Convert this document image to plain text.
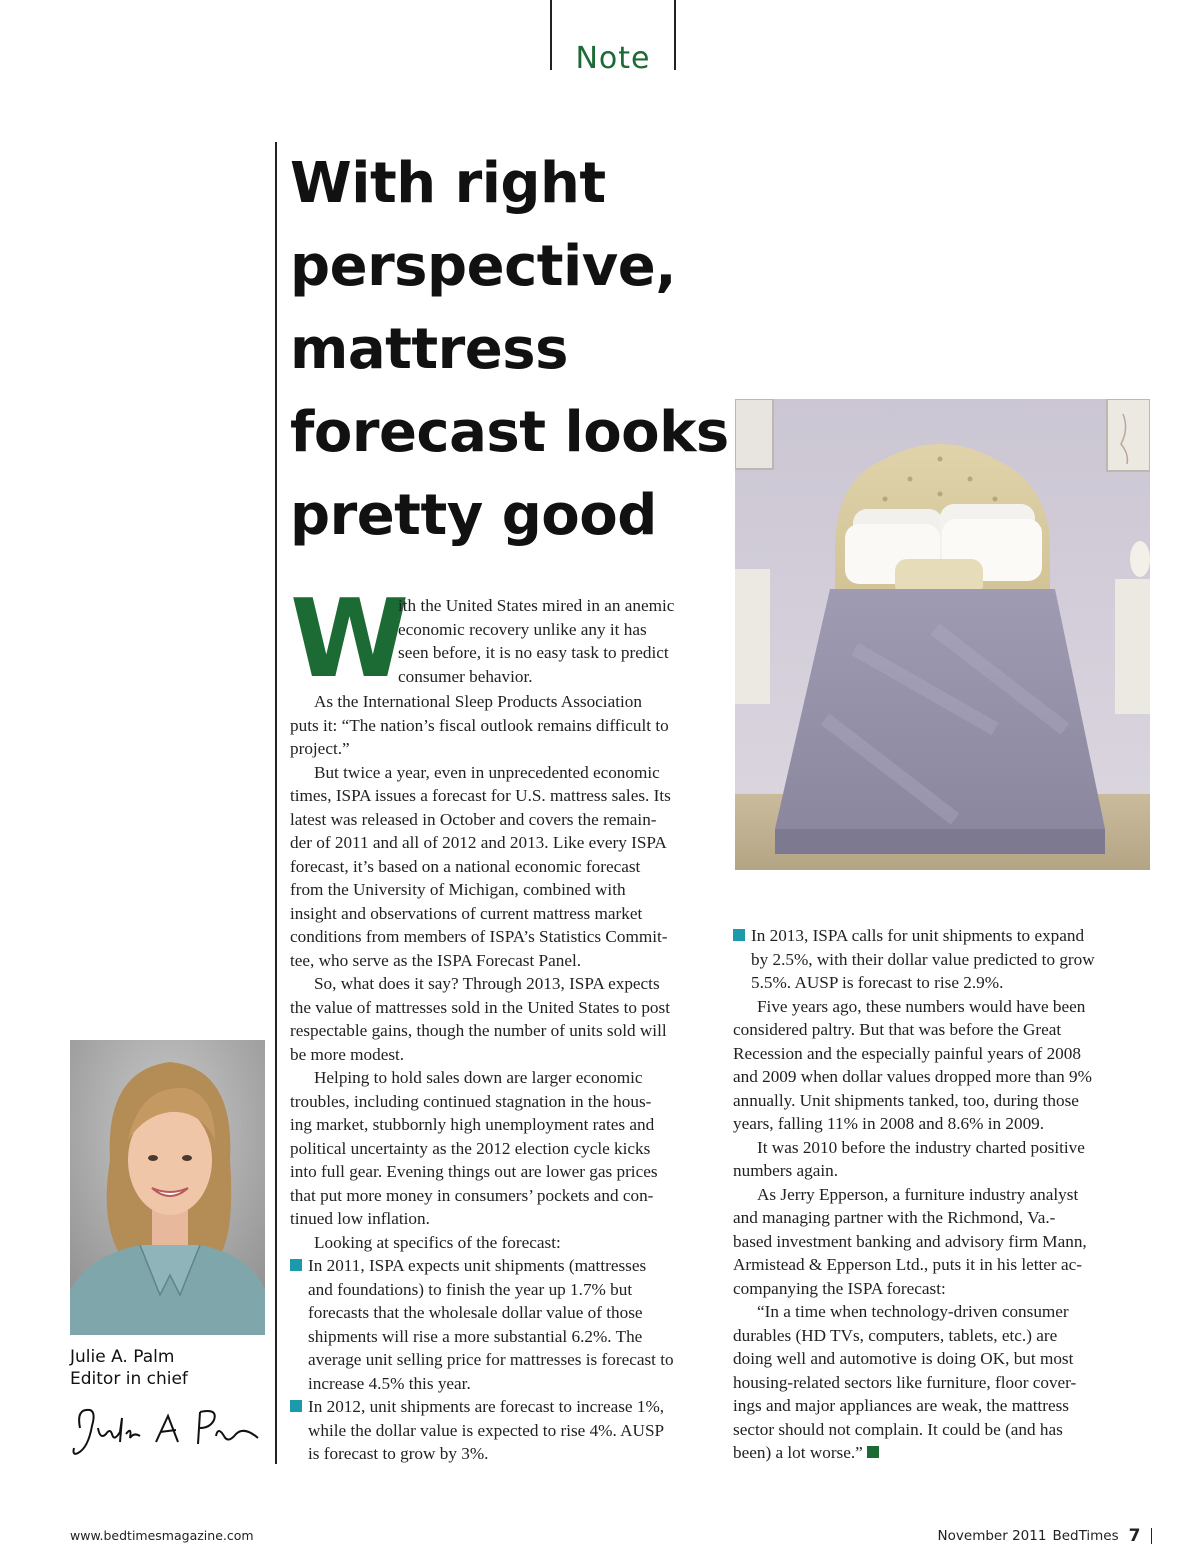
Note
With right
perspective,
mattress
forecast looks
pretty good
W
ith the United States mired in an anemic
economic recovery unlike any it has
seen before, it is no easy task to predict
consumer behavior.
As the International Sleep Products Association
puts it: “The nation’s fiscal outlook remains difficult to
project.”
But twice a year, even in unprecedented economic
times, ISPA issues a forecast for U.S. mattress sales. Its
latest was released in October and covers the remain-
der of 2011 and all of 2012 and 2013. Like every ISPA
forecast, it’s based on a national economic forecast
from the University of Michigan, combined with
insight and observations of current mattress market
conditions from members of ISPA’s Statistics Commit-
tee, who serve as the ISPA Forecast Panel.
So, what does it say? Through 2013, ISPA expects
the value of mattresses sold in the United States to post
respectable gains, though the number of units sold will
be more modest.
Helping to hold sales down are larger economic
troubles, including continued stagnation in the hous-
ing market, stubbornly high unemployment rates and
political uncertainty as the 2012 election cycle kicks
into full gear. Evening things out are lower gas prices
that put more money in consumers’ pockets and con-
tinued low inflation.
Looking at specifics of the forecast:
In 2011, ISPA expects unit shipments (mattresses
and foundations) to finish the year up 1.7% but
forecasts that the wholesale dollar value of those
shipments will rise a more substantial 6.2%. The
average unit selling price for mattresses is forecast to
increase 4.5% this year.
In 2012, unit shipments are forecast to increase 1%,
while the dollar value is expected to rise 4%. AUSP
is forecast to grow by 3%.
In 2013, ISPA calls for unit shipments to expand
by 2.5%, with their dollar value predicted to grow
5.5%. AUSP is forecast to rise 2.9%.
Five years ago, these numbers would have been
considered paltry. But that was before the Great
Recession and the especially painful years of 2008
and 2009 when dollar values dropped more than 9%
annually. Unit shipments tanked, too, during those
years, falling 11% in 2008 and 8.6% in 2009.
It was 2010 before the industry charted positive
numbers again.
As Jerry Epperson, a furniture industry analyst
and managing partner with the Richmond, Va.-
based investment banking and advisory firm Mann,
Armistead & Epperson Ltd., puts it in his letter ac-
companying the ISPA forecast:
“In a time when technology-driven consumer
durables (HD TVs, computers, tablets, etc.) are
doing well and automotive is doing OK, but most
housing-related sectors like furniture, floor cover-
ings and major appliances are weak, the mattress
sector should not complain. It could be (and has
been) a lot worse.”
Julie A. Palm
Editor in chief
www.bedtimesmagazine.com	November 2011 BedTimes 7
